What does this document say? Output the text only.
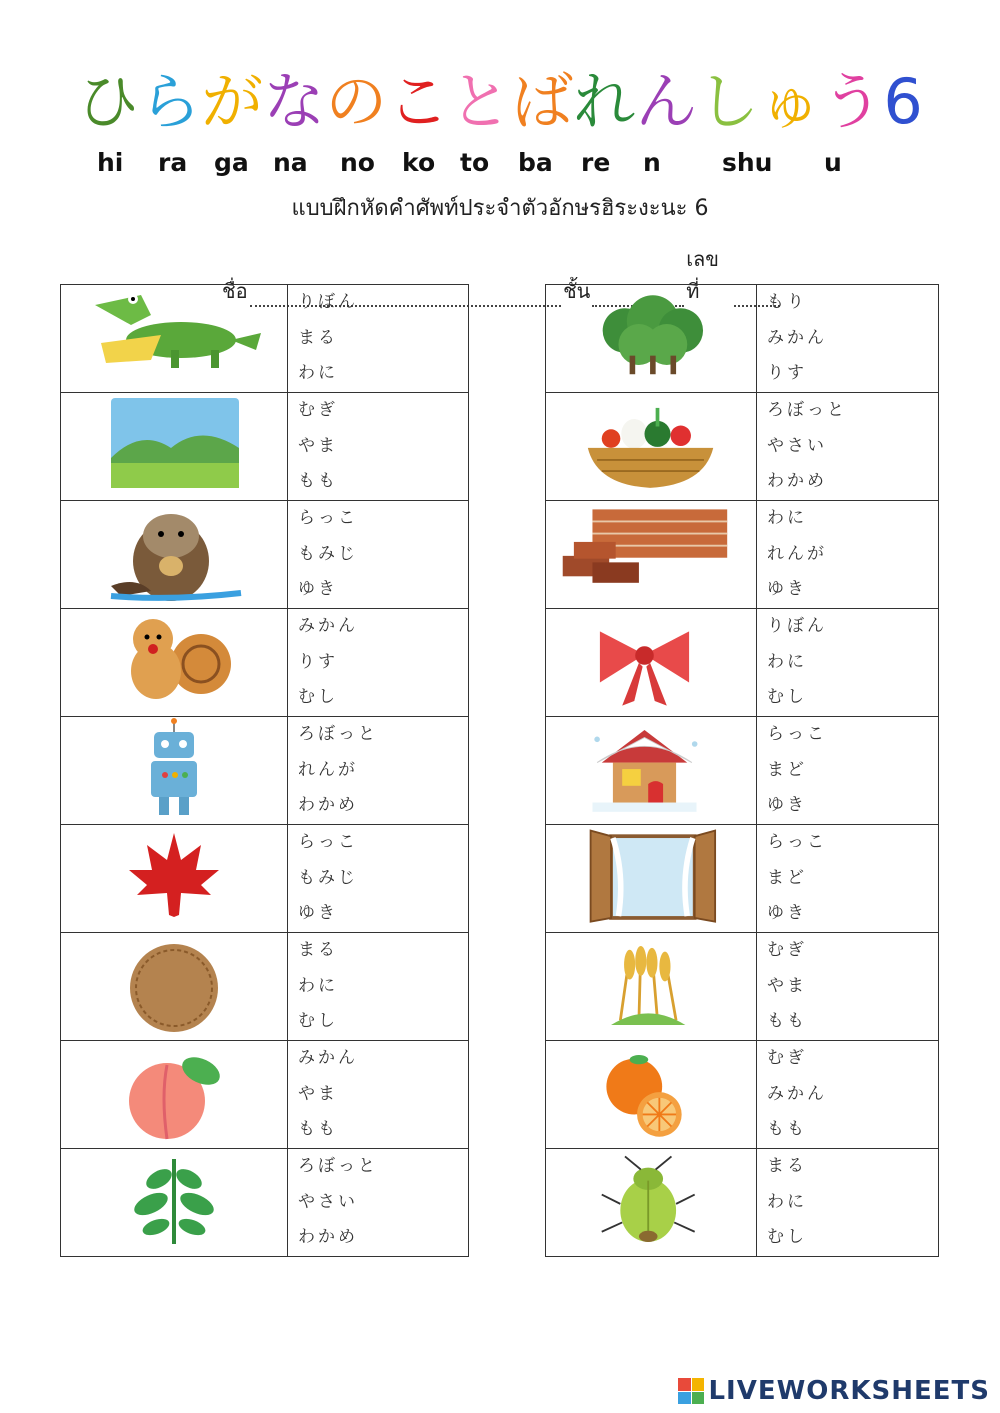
ひ ら が な の こ と ば れ ん し ゅ う 6
hi ra ga na no ko to ba re n shu u
แบบฝึกหัดคำศัพท์ประจำตัวอักษรฮิระงะนะ 6
ชื่อ	ชั้น
เลขที่

りぼん
まる
わに

むぎ
やま
もも

らっこ
もみじ
ゆき

みかん
りす
むし

ろぼっと
れんが
わかめ

らっこ
もみじ
ゆき

まる
わに
むし

みかん
やま
もも

ろぼっと
やさい
わかめ

もり
みかん
りす

ろぼっと
やさい
わかめ

わに
れんが
ゆき

りぼん
わに
むし

らっこ
まど
ゆき

らっこ
まど
ゆき

むぎ
やま
もも

むぎ
みかん
もも

まる
わに
むし
LIVEWORKSHEETS
